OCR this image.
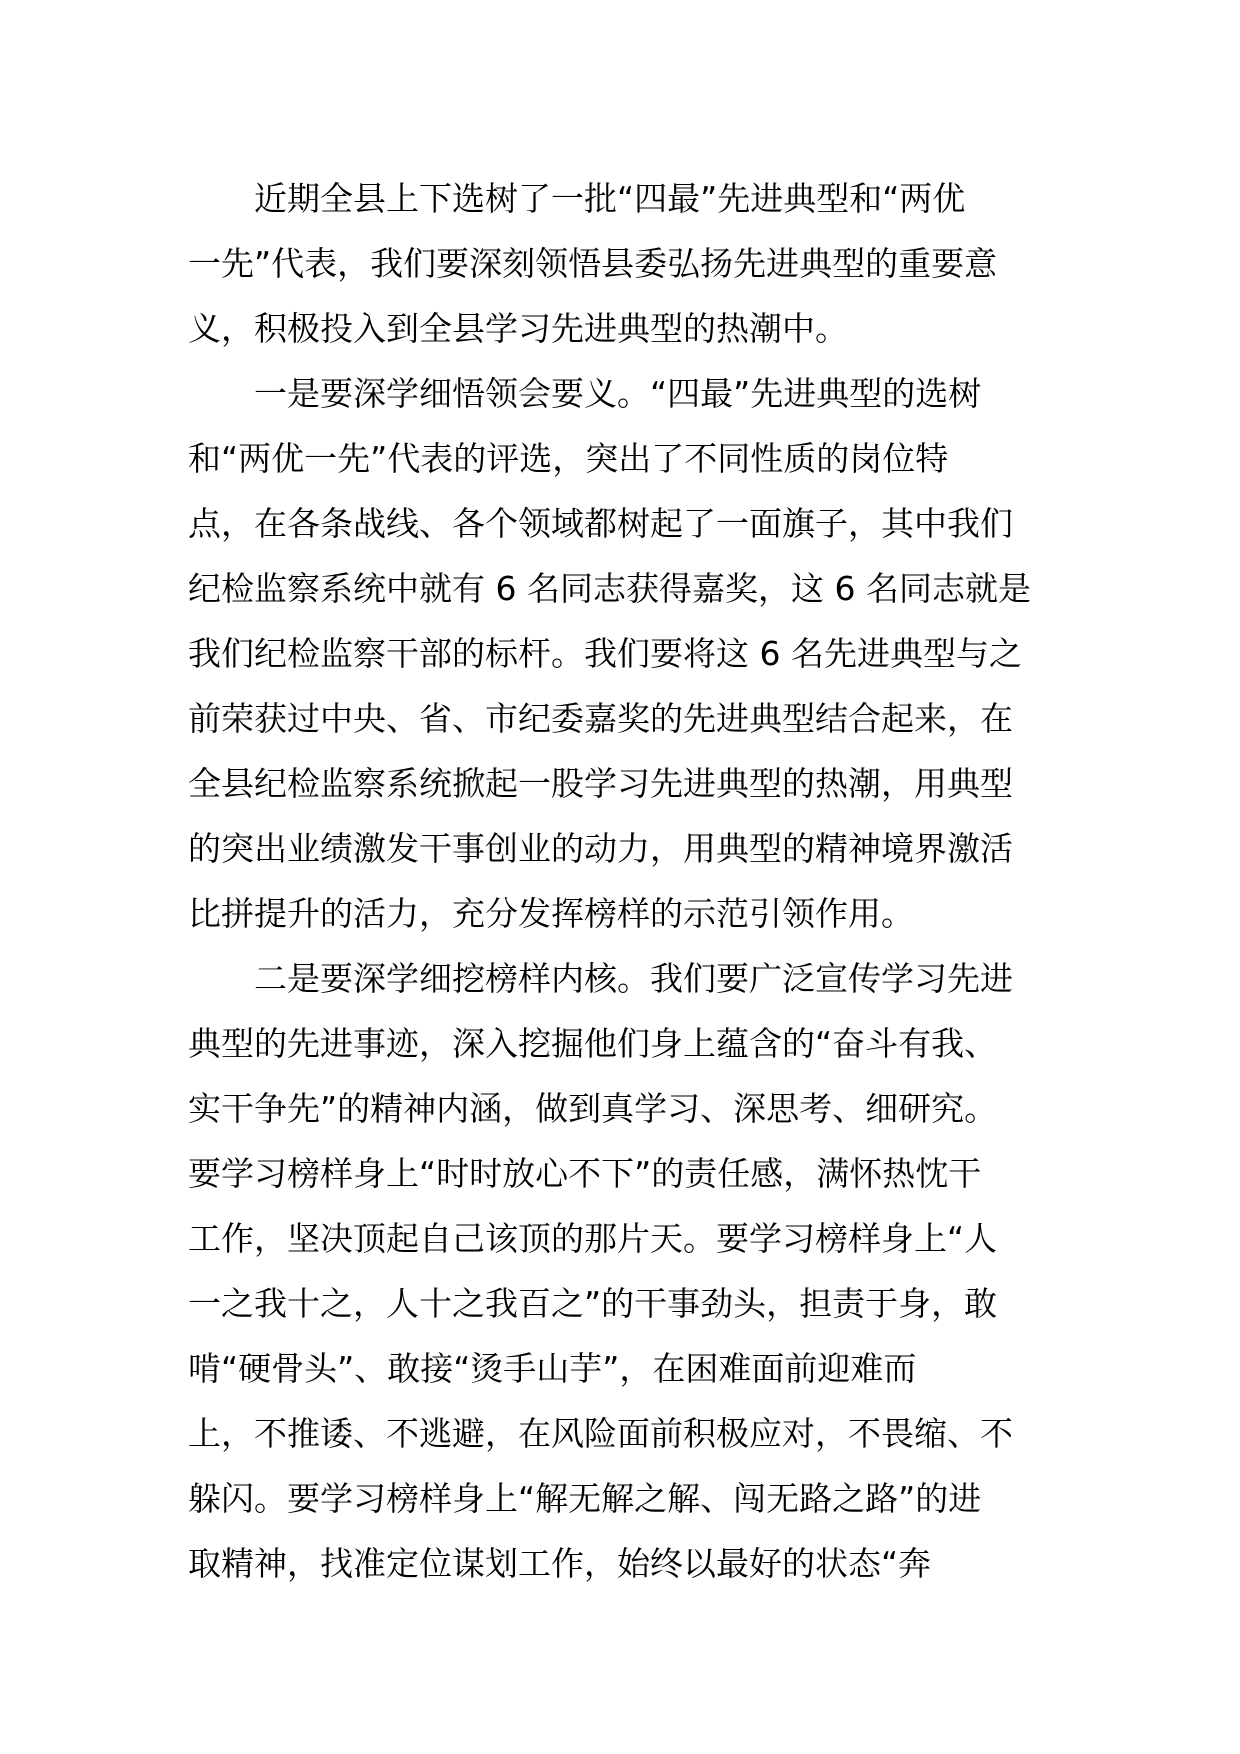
近期全县上下选树了一批“四最”先进典型和“两优
一先”代表，我们要深刻领悟县委弘扬先进典型的重要意
义，积极投入到全县学习先进典型的热潮中。
一是要深学细悟领会要义。“四最”先进典型的选树
和“两优一先”代表的评选，突出了不同性质的岗位特
点，在各条战线、各个领域都树起了一面旗子，其中我们
纪检监察系统中就有 6 名同志获得嘉奖，这 6 名同志就是
我们纪检监察干部的标杆。我们要将这 6 名先进典型与之
前荣获过中央、省、市纪委嘉奖的先进典型结合起来，在
全县纪检监察系统掀起一股学习先进典型的热潮，用典型
的突出业绩激发干事创业的动力，用典型的精神境界激活
比拼提升的活力，充分发挥榜样的示范引领作用。
二是要深学细挖榜样内核。我们要广泛宣传学习先进
典型的先进事迹，深入挖掘他们身上蕴含的“奋斗有我、
实干争先”的精神内涵，做到真学习、深思考、细研究。
要学习榜样身上“时时放心不下”的责任感，满怀热忱干
工作，坚决顶起自己该顶的那片天。要学习榜样身上“人
一之我十之，人十之我百之”的干事劲头，担责于身，敢
啃“硬骨头”、敢接“烫手山芋”，在困难面前迎难而
上，不推诿、不逃避，在风险面前积极应对，不畏缩、不
躲闪。要学习榜样身上“解无解之解、闯无路之路”的进
取精神，找准定位谋划工作，始终以最好的状态“奔
